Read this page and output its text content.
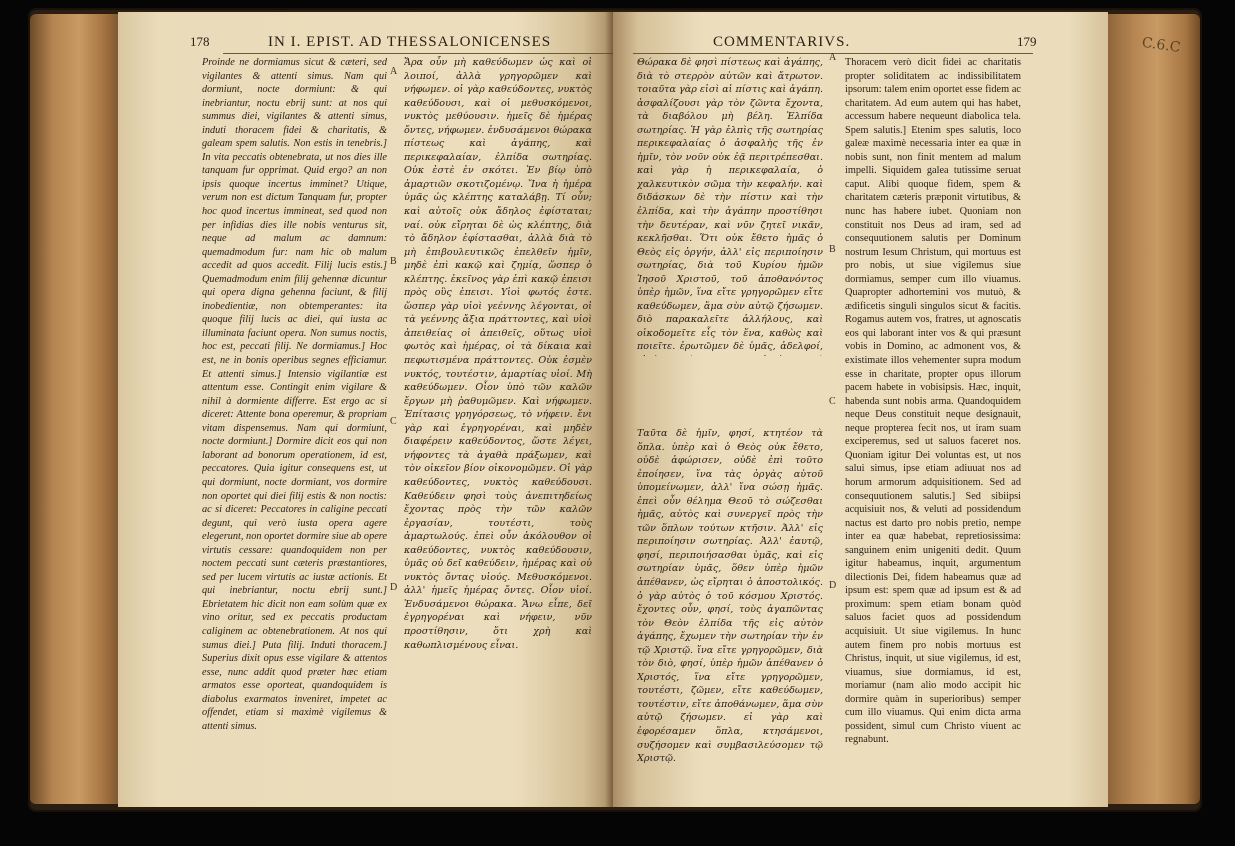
C.6.C
178	IN I. EPIST. AD THESSALONICENSES

Proinde ne dormiamus sicut & cæteri, sed vigilantes & attenti simus. Nam qui dormiunt, nocte dormiunt: & qui inebriantur, noctu ebrij sunt: at nos qui summus diei, vigilantes & attenti simus, induti thoracem fidei & charitatis, & galeam spem salutis. Non estis in tenebris.] In vita peccatis obtenebrata, ut nos dies ille tanquam fur opprimat. Quid ergo? an non ipsis quoque incertus imminet? Utique, verum non est dictum Tanquam fur, propter hoc quod incertus immineat, sed quod non per infidias dies ille nobis venturus sit, neque ad malum ac damnum: quemadmodum fur: nam hic ob malum accedit ad quos accedit. Filij lucis estis.] Quemadmodum enim filij gehennæ dicuntur qui opera digna gehenna faciunt, & filij inobedientiæ, non obtemperantes: ita quoque filij lucis ac diei, qui iusta ac illuminata faciunt opera. Non sumus noctis, hoc est, peccati filij. Ne dormiamus.] Hoc est, ne in bonis operibus segnes efficiamur. Et attenti simus.] Intensio vigilantiæ est attentum esse. Contingit enim vigilare & nihil à dormiente differre. Est ergo ac si diceret: Attente bona operemur, & propriam vitam dispensemus. Nam qui dormiunt, nocte dormiunt.] Dormire dicit eos qui non laborant ad bonorum operationem, id est, peccatores. Quia igitur consequens est, ut qui dormiunt, nocte dormiant, vos dormire non oportet qui diei filij estis & non noctis: ac si diceret: Peccatores in caligine peccati degunt, qui verò iusta opera agere elegerunt, non oportet dormire siue ab opere virtutis cessare: quandoquidem non per noctem peccati sunt cæteris præstantiores, sed per lucem virtutis ac iustæ actionis. Et qui inebriantur, noctu ebrij sunt.] Ebrietatem hic dicit non eam solùm quæ ex vino oritur, sed ex peccatis productam caliginem ac obtenebrationem. At nos qui sumus diei.] Puta filij. Induti thoracem.] Superius dixit opus esse vigilare & attentos esse, nunc addit quod præter hæc etiam armatos esse oporteat, quandoquidem is diabolus exarmatos inveniret, impetet ac offendet, etiam si maximè vigilemus & attenti simus.

A
B
C
D

Ἄρα οὖν μὴ καθεύδωμεν ὡς καὶ οἱ λοιποί, ἀλλὰ γρηγορῶμεν καὶ νήφωμεν. οἱ γὰρ καθεύδοντες, νυκτὸς καθεύδουσι, καὶ οἱ μεθυσκόμενοι, νυκτὸς μεθύουσιν. ἡμεῖς δὲ ἡμέρας ὄντες, νήφωμεν. ἐνδυσάμενοι θώρακα πίστεως καὶ ἀγάπης, καὶ περικεφαλαίαν, ἐλπίδα σωτηρίας. Οὐκ ἐστὲ ἐν σκότει. Ἐν βίῳ ὑπὸ ἁμαρτιῶν σκοτιζομένῳ. Ἵνα ἡ ἡμέρα ὑμᾶς ὡς κλέπτης καταλάβῃ. Τί οὖν; καὶ αὐτοῖς οὐκ ἄδηλος ἐφίσταται; ναί. οὐκ εἴρηται δὲ ὡς κλέπτης, διὰ τὸ ἄδηλον ἐφίστασθαι, ἀλλὰ διὰ τὸ μὴ ἐπιβουλευτικῶς ἐπελθεῖν ἡμῖν, μηδὲ ἐπὶ κακῷ καὶ ζημίᾳ, ὥσπερ ὁ κλέπτης. ἐκεῖνος γὰρ ἐπὶ κακῷ ἐπεισι πρὸς οὓς ἐπεισι. Υἱοὶ φωτός ἐστε. ὥσπερ γὰρ υἱοὶ γεέννης λέγονται, οἱ τὰ γεέννης ἄξια πράττοντες, καὶ υἱοὶ ἀπειθείας οἱ ἀπειθεῖς, οὕτως υἱοὶ φωτὸς καὶ ἡμέρας, οἱ τὰ δίκαια καὶ πεφωτισμένα πράττοντες. Οὐκ ἐσμὲν νυκτός, τουτέστιν, ἁμαρτίας υἱοί. Μὴ καθεύδωμεν. Οἷον ὑπὸ τῶν καλῶν ἔργων μὴ ῥαθυμῶμεν. Καὶ νήφωμεν. Ἐπίτασις γρηγόρσεως, τὸ νήφειν. ἔνι γὰρ καὶ ἐγρηγορέναι, καὶ μηδὲν διαφέρειν καθεύδοντος, ὥστε λέγει, νήφοντες τὰ ἀγαθὰ πράξωμεν, καὶ τὸν οἰκεῖον βίον οἰκονομῶμεν. Οἱ γὰρ καθεύδοντες, νυκτὸς καθεύδουσι. Καθεύδειν φησὶ τοὺς ἀνεπιτηδείως ἔχοντας πρὸς τὴν τῶν καλῶν ἐργασίαν, τουτέστι, τοὺς ἁμαρτωλούς. ἐπεὶ οὖν ἀκόλουθον οἱ καθεύδοντες, νυκτὸς καθεύδουσιν, ὑμᾶς οὐ δεῖ καθεύδειν, ἡμέρας καὶ οὐ νυκτὸς ὄντας υἱούς. Μεθυσκόμενοι. ἀλλ' ἡμεῖς ἡμέρας ὄντες. Οἷον υἱοί. Ἐνδυσάμενοι θώρακα. Ἄνω εἶπε, δεῖ ἐγρηγορέναι καὶ νήφειν, νῦν προστίθησιν, ὅτι χρὴ καὶ καθωπλισμένους εἶναι.

COMMENTARIVS.	179

Θώρακα δὲ φησὶ πίστεως καὶ ἀγάπης, διὰ τὸ στερρὸν αὐτῶν καὶ ἄτρωτον. τοιαῦτα γὰρ εἰσὶ αἱ πίστις καὶ ἀγάπη. ἀσφαλίζουσι γὰρ τὸν ζῶντα ἔχοντα, τὰ διαβόλου μὴ βέλη. Ἐλπίδα σωτηρίας. Ἡ γὰρ ἐλπὶς τῆς σωτηρίας περικεφαλαίας ὁ ἀσφαλὴς τῆς ἐν ἡμῖν, τὸν νοῦν οὐκ ἐᾷ περιτρέπεσθαι. καὶ γὰρ ἡ περικεφαλαία, ὁ χαλκευτικὸν σῶμα τὴν κεφαλήν. καὶ διδάσκων δὲ τὴν πίστιν καὶ τὴν ἐλπίδα, καὶ τὴν ἀγάπην προστίθησι τὴν δευτέραν, καὶ νῦν ζητεῖ νικᾶν, κεκλῆσθαι. Ὅτι οὐκ ἔθετο ἡμᾶς ὁ Θεὸς εἰς ὀργήν, ἀλλ' εἰς περιποίησιν σωτηρίας, διὰ τοῦ Κυρίου ἡμῶν Ἰησοῦ Χριστοῦ, τοῦ ἀποθανόντος ὑπὲρ ἡμῶν, ἵνα εἴτε γρηγορῶμεν εἴτε καθεύδωμεν, ἅμα σὺν αὐτῷ ζήσωμεν. διὸ παρακαλεῖτε ἀλλήλους, καὶ οἰκοδομεῖτε εἷς τὸν ἕνα, καθὼς καὶ ποιεῖτε. ἐρωτῶμεν δὲ ὑμᾶς, ἀδελφοί,

Ταῦτα δὲ ἡμῖν, φησί, κτητέον τὰ ὅπλα. ὑπὲρ καὶ ὁ Θεὸς οὐκ ἔθετο, οὐδὲ ἀφώρισεν, οὐδὲ ἐπὶ τοῦτο ἐποίησεν, ἵνα τὰς ὀργὰς αὐτοῦ ὑπομείνωμεν, ἀλλ' ἵνα σώσῃ ἡμᾶς. ἐπεὶ οὖν θέλημα Θεοῦ τὸ σώζεσθαι ἡμᾶς, αὐτὸς καὶ συνεργεῖ πρὸς τὴν τῶν ὅπλων τούτων κτῆσιν. Ἀλλ' εἰς περιποίησιν σωτηρίας. Ἀλλ' ἑαυτῷ, φησί, περιποιήσασθαι ὑμᾶς, καὶ εἰς σωτηρίαν ὑμᾶς, ὅθεν ὑπὲρ ἡμῶν ἀπέθανεν, ὡς εἴρηται ὁ ἀποστολικός. ὁ γὰρ αὐτὸς ὁ τοῦ κόσμου Χριστός. ἔχοντες οὖν, φησί, τοὺς ἀγαπῶντας τὸν Θεὸν ἐλπίδα τῆς εἰς αὐτὸν ἀγάπης, ἔχωμεν τὴν σωτηρίαν τὴν ἐν τῷ Χριστῷ. ἵνα εἴτε γρηγορῶμεν, διὰ τὸν διὸ, φησί, ὑπὲρ ἡμῶν ἀπέθανεν ὁ Χριστός, ἵνα εἴτε γρηγορῶμεν, τουτέστι, ζῶμεν, εἴτε καθεύδωμεν, τουτέστιν, εἴτε ἀποθάνωμεν, ἅμα σὺν αὐτῷ ζήσωμεν. εἰ γὰρ καὶ ἐφορέσαμεν ὅπλα, κτησάμενοι, συζήσομεν καὶ συμβασιλεύσομεν τῷ Χριστῷ.

A
B
C
D

Thoracem verò dicit fidei ac charitatis propter soliditatem ac indissibilitatem ipsorum: talem enim oportet esse fidem ac charitatem. Ad eum autem qui has habet, accessum habere nequeunt diabolica tela. Spem salutis.] Etenim spes salutis, loco galeæ maximè necessaria inter ea quæ in nobis sunt, non finit mentem ad malum impelli. Siquidem galea tutissime seruat caput. Alibi quoque fidem, spem & charitatem cæteris præponit virtutibus, & nunc has habere iubet. Quoniam non constituit nos Deus ad iram, sed ad consequutionem salutis per Dominum nostrum Iesum Christum, qui mortuus est pro nobis, ut siue vigilemus siue dormiamus, semper cum illo viuamus. Quapropter adhortemini vos mutuò, & ædificetis singuli singulos sicut & facitis. Rogamus autem vos, fratres, ut agnoscatis eos qui laborant inter vos & qui præsunt vobis in Domino, ac admonent vos, & existimate illos vehementer supra modum esse in charitate, propter opus illorum pacem habete in vobisipsis. Hæc, inquit, habenda sunt nobis arma. Quandoquidem neque Deus constituit neque designauit, neque propterea fecit nos, ut iram suam exciperemus, sed ut saluos faceret nos. Quoniam igitur Dei voluntas est, ut nos salui simus, ipse etiam adiuuat nos ad horum armorum adquisitionem. Sed ad consequutionem salutis.] Sed sibiipsi acquisiuit nos, & veluti ad possidendum nactus est darto pro nobis pretio, nempe inter ea quæ habebat, repretiosissima: sanguinem enim unigeniti dedit. Quum igitur habeamus, inquit, argumentum dilectionis Dei, fidem habeamus quæ ad ipsum est: spem quæ ad ipsum est & ad proximum: spem etiam bonam quòd saluos faciet quos ad possidendum acquisiuit. Ut siue vigilemus. In hunc autem finem pro nobis mortuus est Christus, inquit, ut siue vigilemus, id est, viuamus, siue dormiamus, id est, moriamur (nam alio modo accipit hic dormire quàm in superioribus) semper cum illo viuamus. Qui enim dicta arma possident, simul cum Christo viuent ac regnabunt.
